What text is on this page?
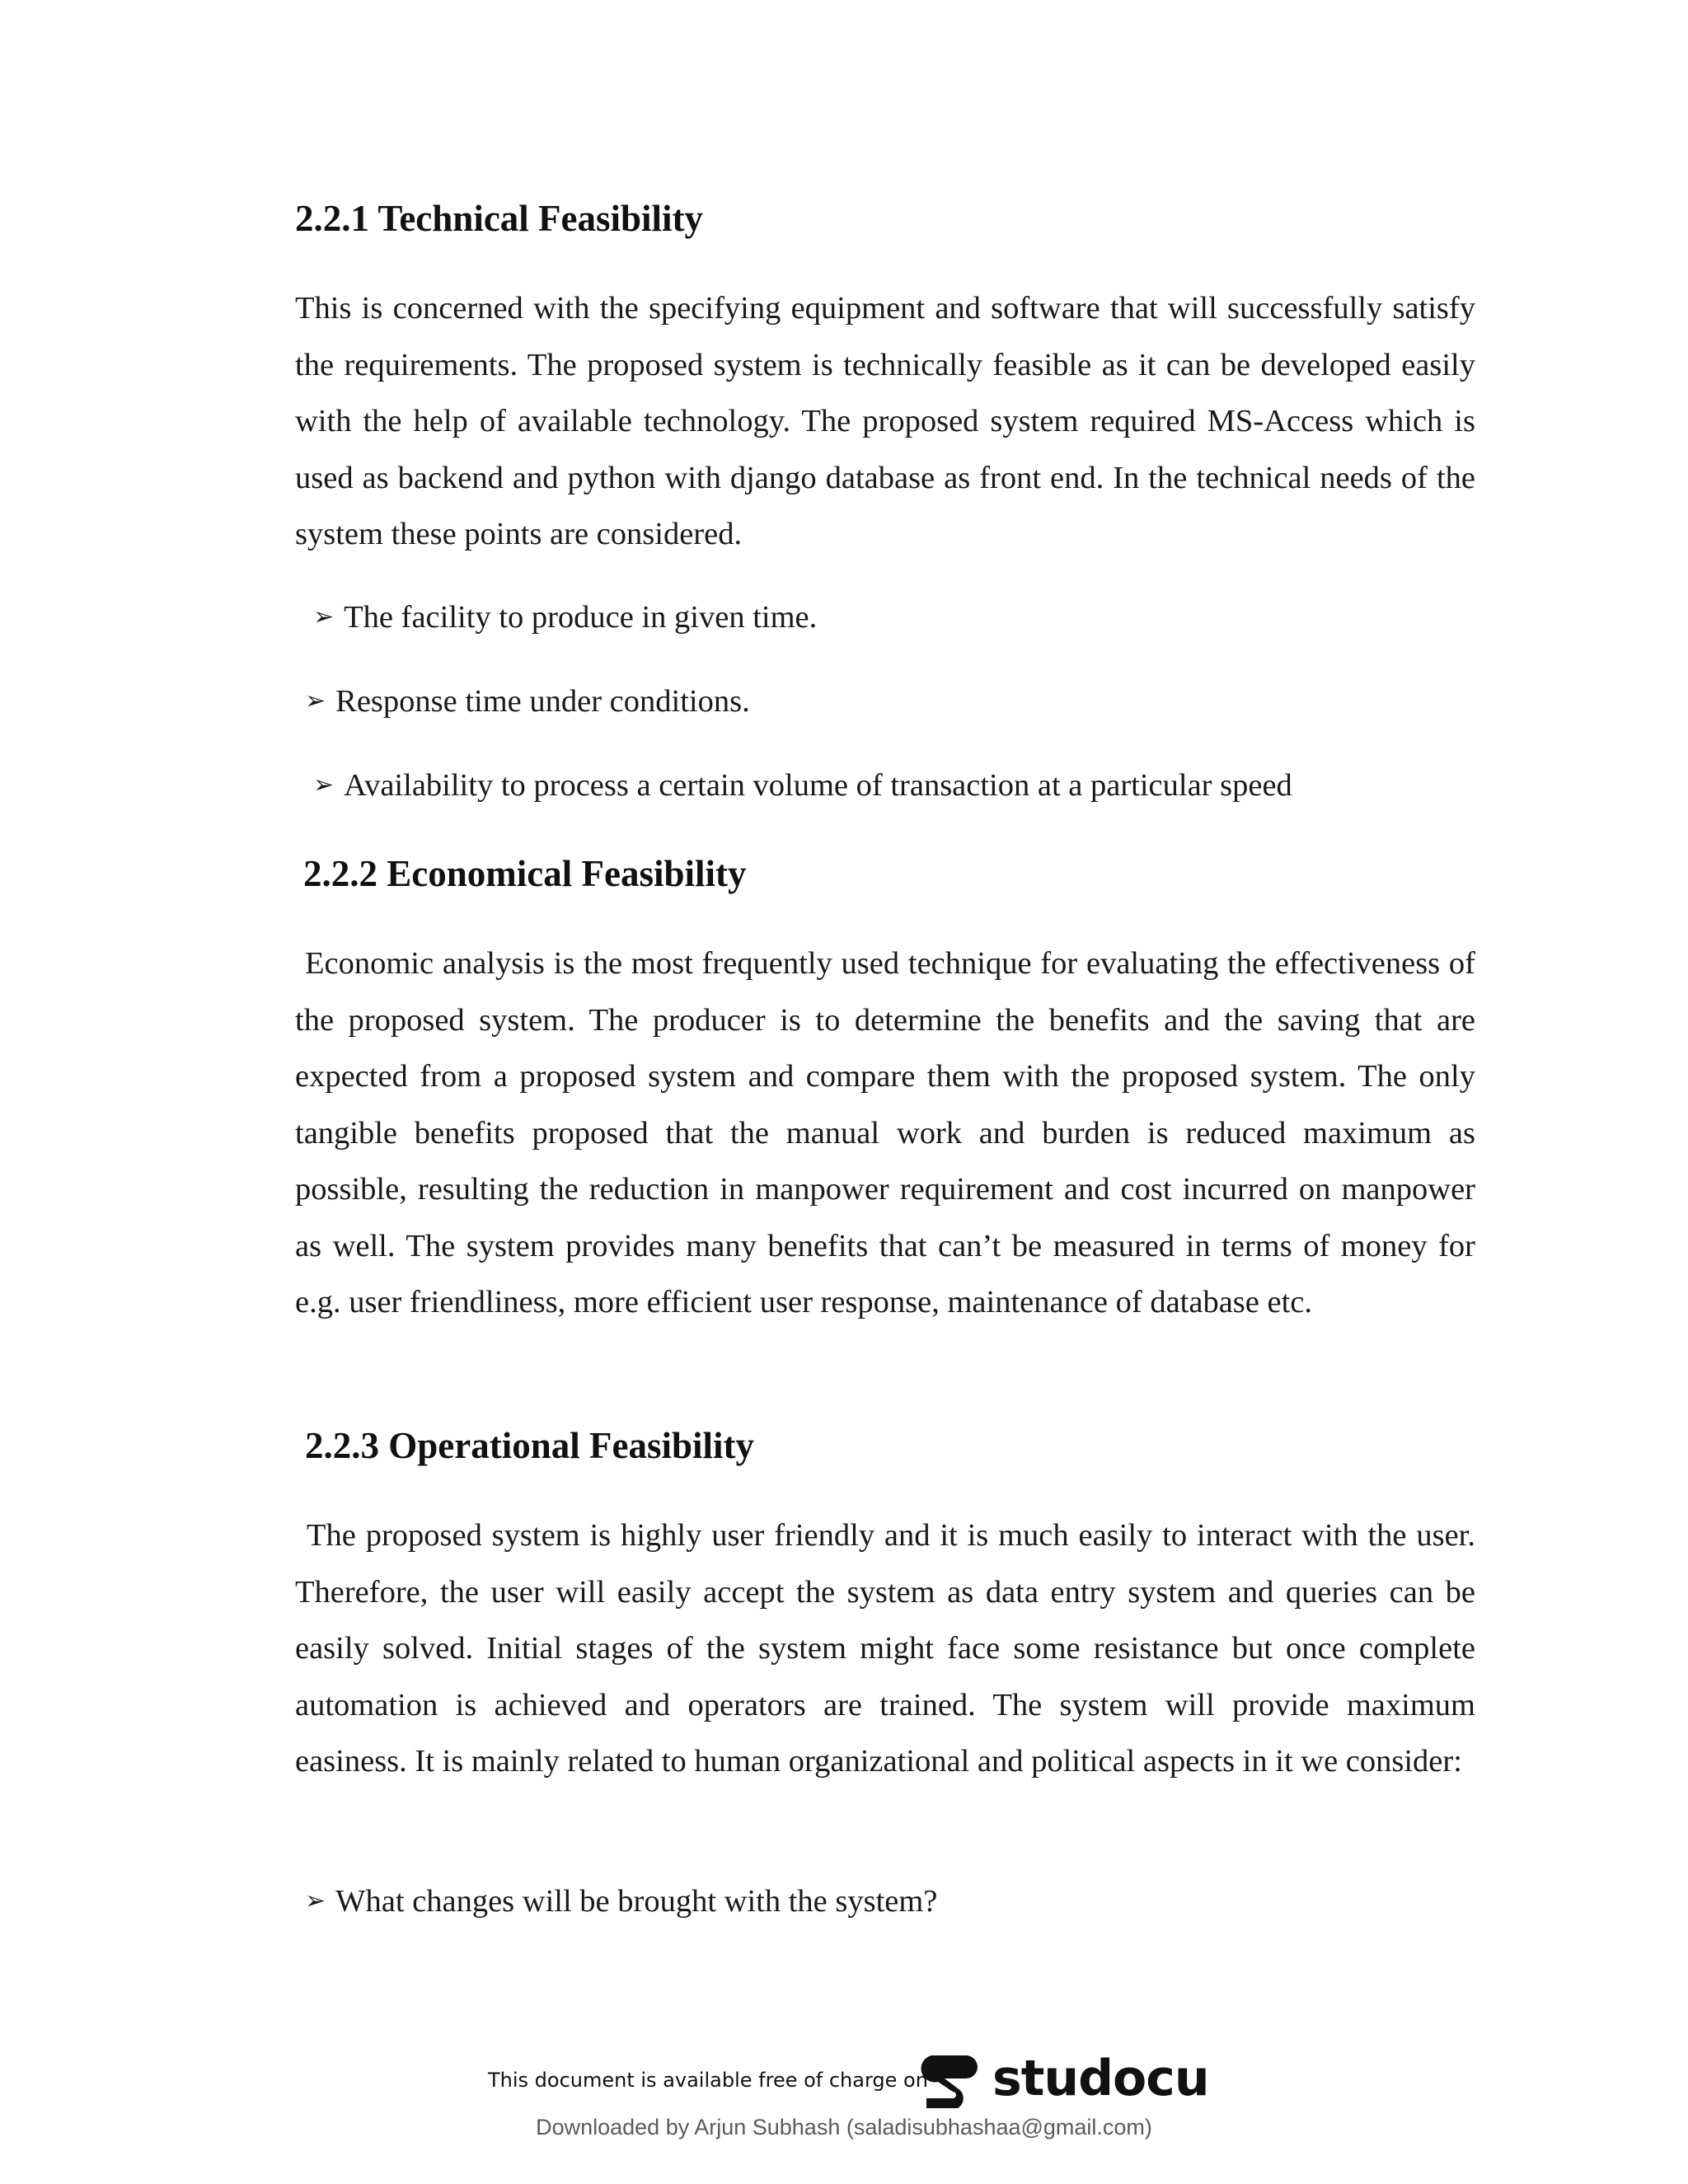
2.2.1 Technical Feasibility

This is concerned with the specifying equipment and software that will successfully satisfy the requirements. The proposed system is technically feasible as it can be developed easily with the help of available technology. The proposed system required MS-Access which is used as backend and python with django database as front end. In the technical needs of the system these points are considered.

➢ The facility to produce in given time.
➢ Response time under conditions.
➢ Availability to process a certain volume of transaction at a particular speed
2.2.2 Economical Feasibility

Economic analysis is the most frequently used technique for evaluating the effectiveness of the proposed system. The producer is to determine the benefits and the saving that are expected from a proposed system and compare them with the proposed system. The only tangible benefits proposed that the manual work and burden is reduced maximum as possible, resulting the reduction in manpower requirement and cost incurred on manpower as well. The system provides many benefits that can’t be measured in terms of money for e.g. user friendliness, more efficient user response, maintenance of database etc.

2.2.3 Operational Feasibility

The proposed system is highly user friendly and it is much easily to interact with the user. Therefore, the user will easily accept the system as data entry system and queries can be easily solved. Initial stages of the system might face some resistance but once complete automation is achieved and operators are trained. The system will provide maximum easiness. It is mainly related to human organizational and political aspects in it we consider:

➢ What changes will be brought with the system?
This document is available free of charge on studocu
Downloaded by Arjun Subhash (saladisubhashaa@gmail.com)
